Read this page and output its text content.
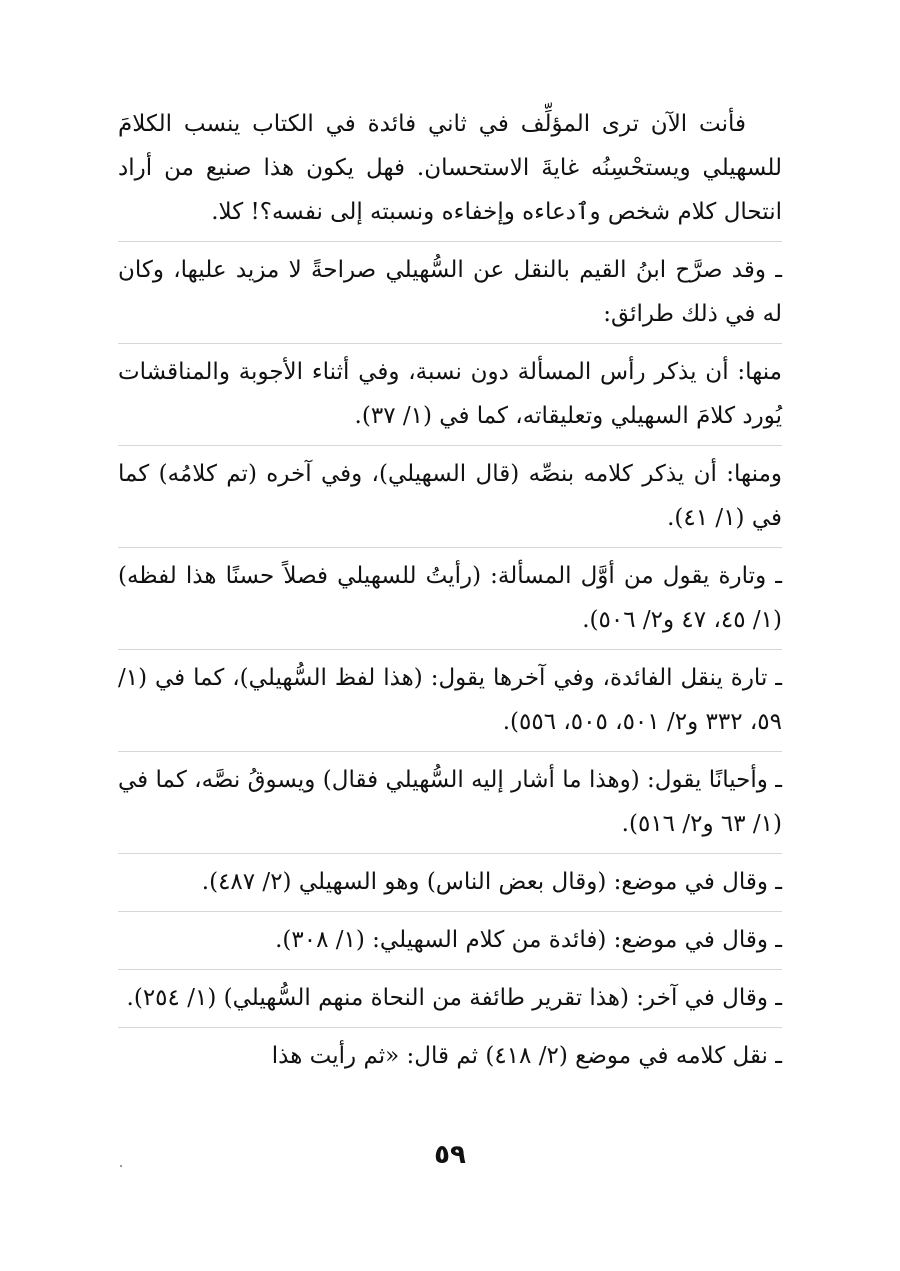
فأنت الآن ترى المؤلِّف في ثاني فائدة في الكتاب ينسب الكلامَ للسهيلي ويستحْسِنُه غايةَ الاستحسان. فهل يكون هذا صنيع من أراد انتحال كلام شخص وٱدعاءه وإخفاءه ونسبته إلى نفسه؟! كلا.

ـ وقد صرَّح ابنُ القيم بالنقل عن السُّهيلي صراحةً لا مزيد عليها، وكان له في ذلك طرائق:

منها: أن يذكر رأس المسألة دون نسبة، وفي أثناء الأجوبة والمناقشات يُورد كلامَ السهيلي وتعليقاته، كما في (١/ ٣٧).

ومنها: أن يذكر كلامه بنصِّه (قال السهيلي)، وفي آخره (تم كلامُه) كما في (١/ ٤١).

ـ وتارة يقول من أوَّل المسألة: (رأيتُ للسهيلي فصلاً حسنًا هذا لفظه) (١/ ٤٥، ٤٧ و٢/ ٥٠٦).

ـ تارة ينقل الفائدة، وفي آخرها يقول: (هذا لفظ السُّهيلي)، كما في (١/ ٥٩، ٣٣٢ و٢/ ٥٠١، ٥٠٥، ٥٥٦).

ـ وأحيانًا يقول: (وهذا ما أشار إليه السُّهيلي فقال) ويسوقُ نصَّه، كما في (١/ ٦٣ و٢/ ٥١٦).

ـ وقال في موضع: (وقال بعض الناس) وهو السهيلي (٢/ ٤٨٧).

ـ وقال في موضع: (فائدة من كلام السهيلي: (١/ ٣٠٨).

ـ وقال في آخر: (هذا تقرير طائفة من النحاة منهم السُّهيلي) (١/ ٢٥٤).

ـ نقل كلامه في موضع (٢/ ٤١٨) ثم قال: «ثم رأيت هذا

٥٩
